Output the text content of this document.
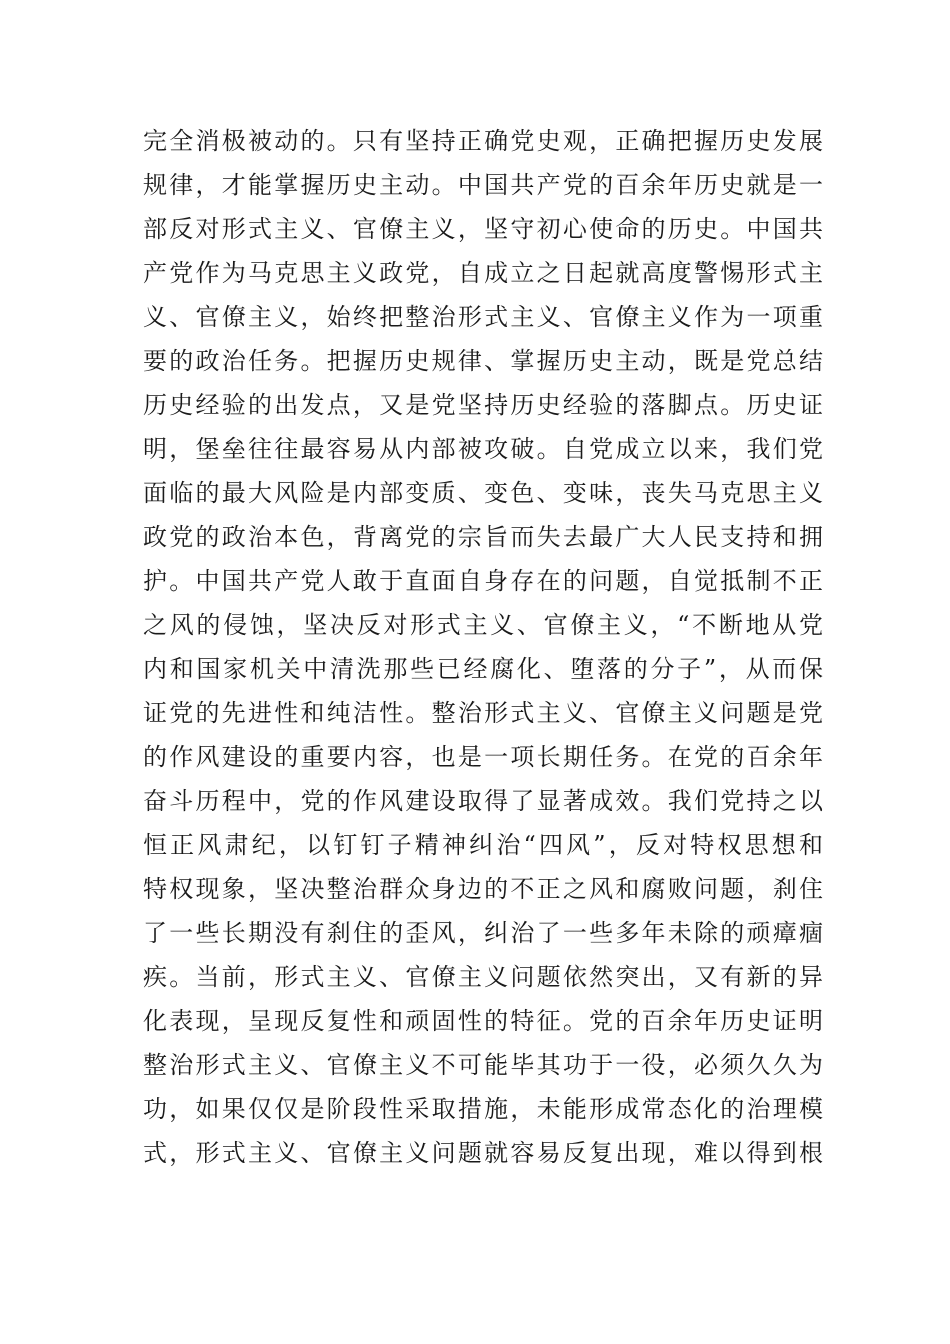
完全消极被动的。只有坚持正确党史观，正确把握历史发展
规律，才能掌握历史主动。中国共产党的百余年历史就是一
部反对形式主义、官僚主义，坚守初心使命的历史。中国共
产党作为马克思主义政党，自成立之日起就高度警惕形式主
义、官僚主义，始终把整治形式主义、官僚主义作为一项重
要的政治任务。把握历史规律、掌握历史主动，既是党总结
历史经验的出发点，又是党坚持历史经验的落脚点。历史证
明，堡垒往往最容易从内部被攻破。自党成立以来，我们党
面临的最大风险是内部变质、变色、变味，丧失马克思主义
政党的政治本色，背离党的宗旨而失去最广大人民支持和拥
护。中国共产党人敢于直面自身存在的问题，自觉抵制不正
之风的侵蚀，坚决反对形式主义、官僚主义，“不断地从党
内和国家机关中清洗那些已经腐化、堕落的分子”，从而保
证党的先进性和纯洁性。整治形式主义、官僚主义问题是党
的作风建设的重要内容，也是一项长期任务。在党的百余年
奋斗历程中，党的作风建设取得了显著成效。我们党持之以
恒正风肃纪，以钉钉子精神纠治“四风”，反对特权思想和
特权现象，坚决整治群众身边的不正之风和腐败问题，刹住
了一些长期没有刹住的歪风，纠治了一些多年未除的顽瘴痼
疾。当前，形式主义、官僚主义问题依然突出，又有新的异
化表现，呈现反复性和顽固性的特征。党的百余年历史证明
整治形式主义、官僚主义不可能毕其功于一役，必须久久为
功，如果仅仅是阶段性采取措施，未能形成常态化的治理模
式，形式主义、官僚主义问题就容易反复出现，难以得到根
